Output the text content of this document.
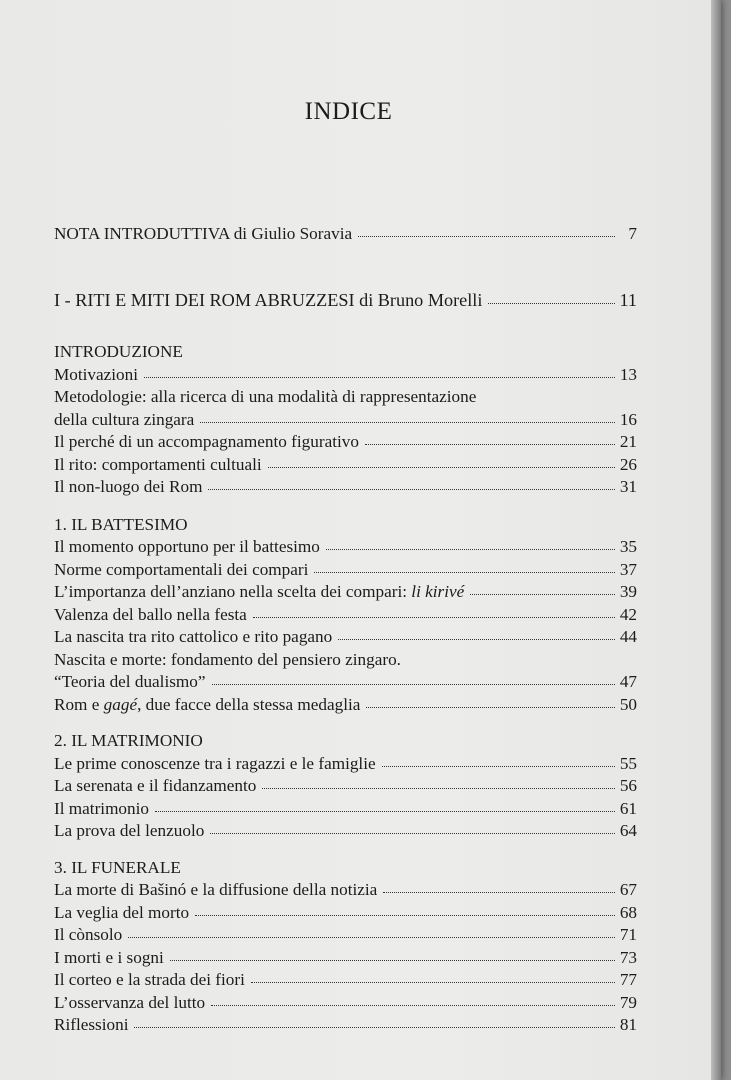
INDICE
NOTA INTRODUTTIVA di Giulio Soravia	7
I - RITI E MITI DEI ROM ABRUZZESI di Bruno Morelli	11
INTRODUZIONE
Motivazioni	13
Metodologie: alla ricerca di una modalità di rappresentazione
della cultura zingara	16
Il perché di un accompagnamento figurativo	21
Il rito: comportamenti cultuali	26
Il non-luogo dei Rom	31
1. IL BATTESIMO
Il momento opportuno per il battesimo	35
Norme comportamentali dei compari	37
L’importanza dell’anziano nella scelta dei compari: li kirivé	39
Valenza del ballo nella festa	42
La nascita tra rito cattolico e rito pagano	44
Nascita e morte: fondamento del pensiero zingaro.
“Teoria del dualismo”	47
Rom e gagé, due facce della stessa medaglia	50
2. IL MATRIMONIO
Le prime conoscenze tra i ragazzi e le famiglie	55
La serenata e il fidanzamento	56
Il matrimonio	61
La prova del lenzuolo	64
3. IL FUNERALE
La morte di Bašinó e la diffusione della notizia	67
La veglia del morto	68
Il cònsolo	71
I morti e i sogni	73
Il corteo e la strada dei fiori	77
L’osservanza del lutto	79
Riflessioni	81
